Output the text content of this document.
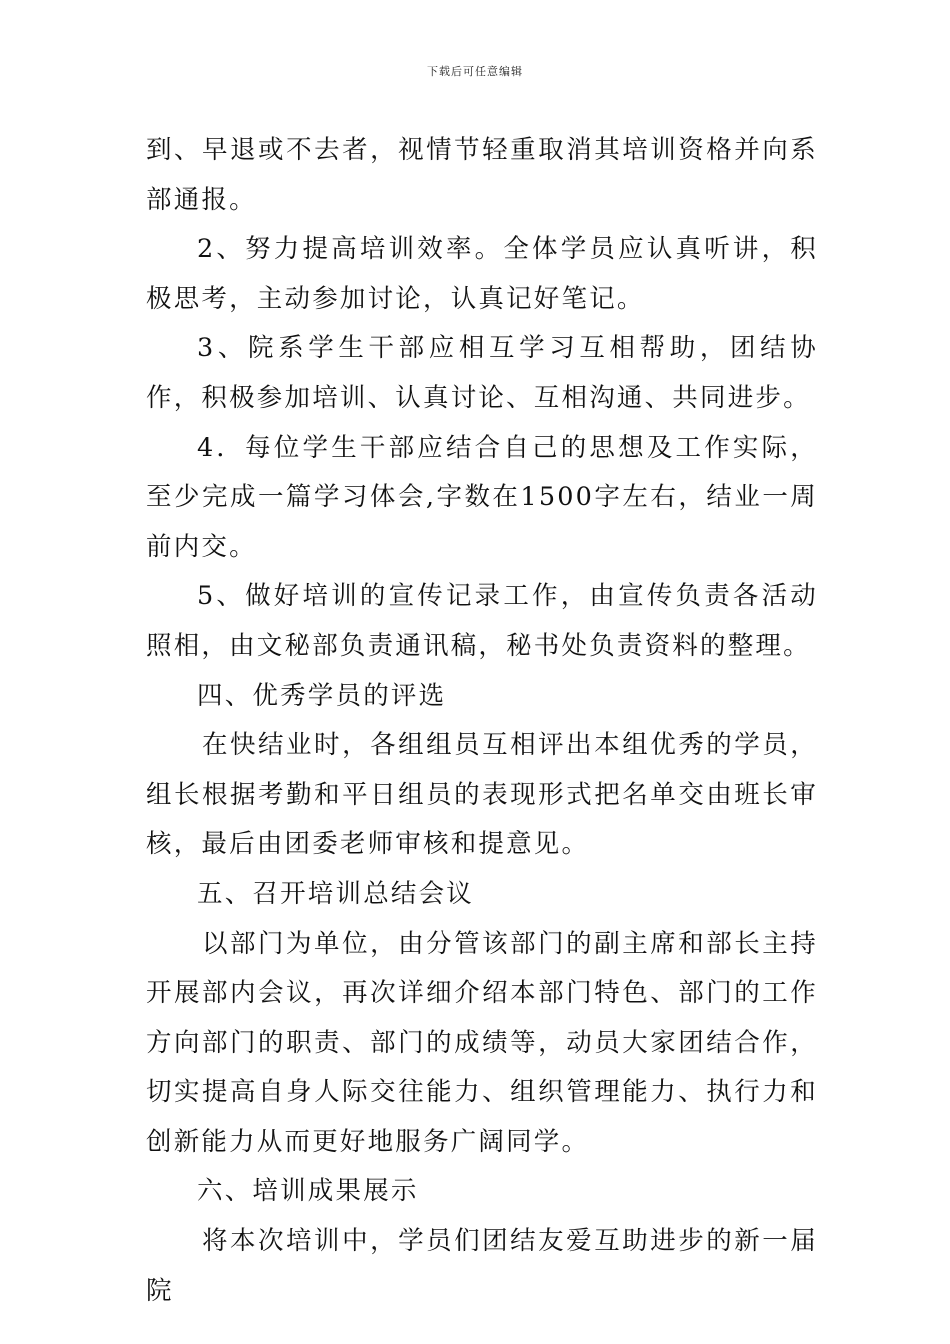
下载后可任意编辑

到、早退或不去者，视情节轻重取消其培训资格并向系部通报。

2、努力提高培训效率。全体学员应认真听讲，积极思考，主动参加讨论，认真记好笔记。

3、院系学生干部应相互学习互相帮助，团结协作，积极参加培训、认真讨论、互相沟通、共同进步。

4．每位学生干部应结合自己的思想及工作实际，至少完成一篇学习体会,字数在1500字左右，结业一周前内交。

5、做好培训的宣传记录工作，由宣传负责各活动照相，由文秘部负责通讯稿，秘书处负责资料的整理。

四、优秀学员的评选

在快结业时，各组组员互相评出本组优秀的学员，组长根据考勤和平日组员的表现形式把名单交由班长审核，最后由团委老师审核和提意见。

五、召开培训总结会议

以部门为单位，由分管该部门的副主席和部长主持开展部内会议，再次详细介绍本部门特色、部门的工作方向部门的职责、部门的成绩等，动员大家团结合作，切实提高自身人际交往能力、组织管理能力、执行力和创新能力从而更好地服务广阔同学。

六、培训成果展示

将本次培训中，学员们团结友爱互助进步的新一届院
